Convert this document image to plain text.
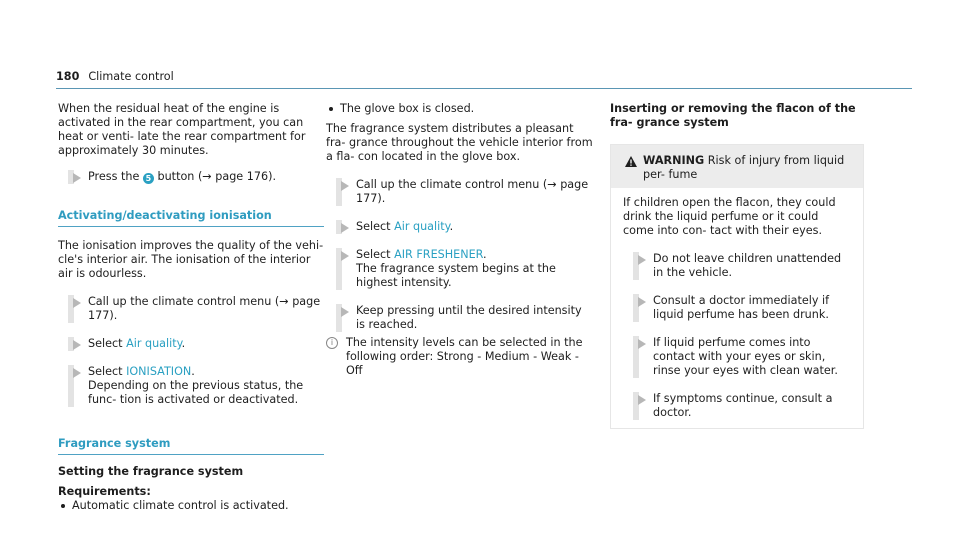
180 Climate control

When the residual heat of the engine is activated in the rear compartment, you can heat or venti- late the rear compartment for approximately 30 minutes.

Press the 5 button (→ page 176).
Activating/deactivating ionisation

The ionisation improves the quality of the vehi- cle's interior air. The ionisation of the interior air is odourless.

Call up the climate control menu (→ page 177).
Select Air quality.
Select IONISATION.
Depending on the previous status, the func- tion is activated or deactivated.
Fragrance system

Setting the fragrance system

Requirements:

Automatic climate control is activated.
The glove box is closed.

The fragrance system distributes a pleasant fra- grance throughout the vehicle interior from a fla- con located in the glove box.

Call up the climate control menu (→ page 177).
Select Air quality.
Select AIR FRESHENER.
The fragrance system begins at the highest intensity.
Keep pressing until the desired intensity is reached.
i	The intensity levels can be selected in the following order: Strong - Medium - Weak - Off

Inserting or removing the flacon of the fra- grance system

WARNING Risk of injury from liquid per- fume

If children open the flacon, they could drink the liquid perfume or it could come into con- tact with their eyes.

Do not leave children unattended in the vehicle.
Consult a doctor immediately if liquid perfume has been drunk.
If liquid perfume comes into contact with your eyes or skin, rinse your eyes with clean water.
If symptoms continue, consult a doctor.
